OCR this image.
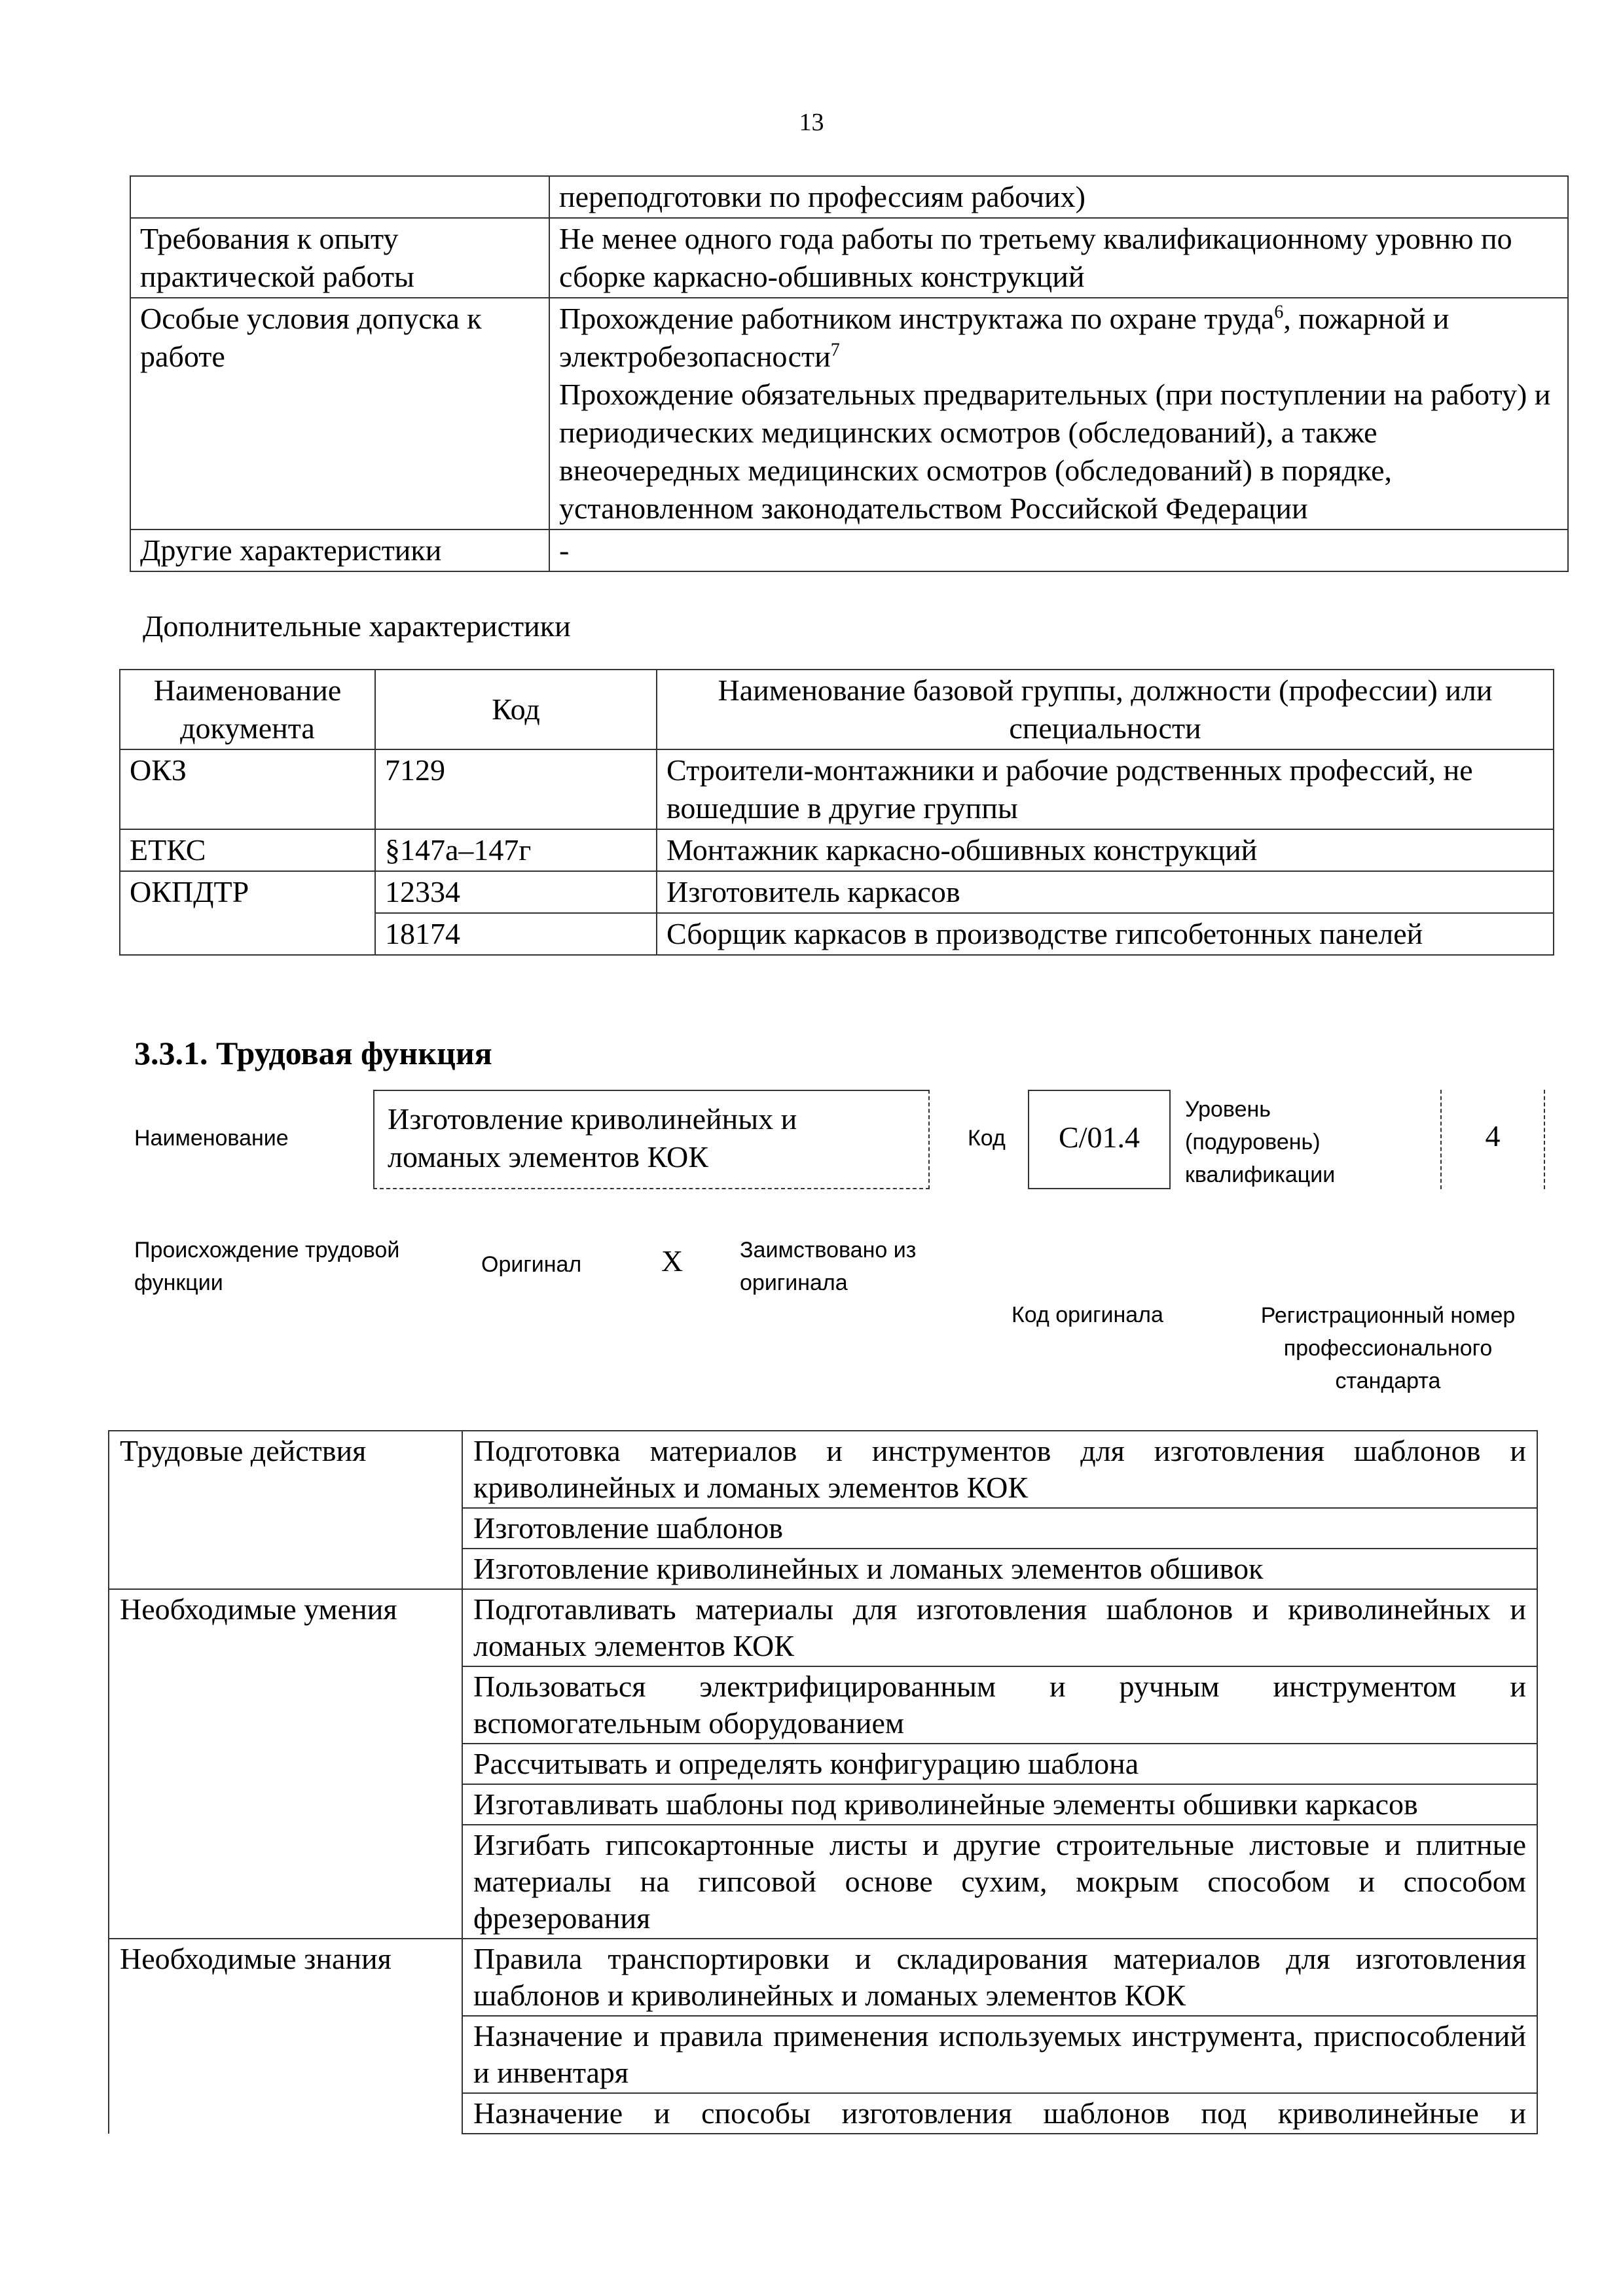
13
	переподготовки по профессиям рабочих)
Требования к опыту практической работы	Не менее одного года работы по третьему квалификационному уровню по сборке каркасно-обшивных конструкций
Особые условия допуска к работе	Прохождение работником инструктажа по охране труда$^6$, пожарной и электробезопасности$^7$
Прохождение обязательных предварительных (при поступлении на работу) и периодических медицинских осмотров (обследований), а также внеочередных медицинских осмотров (обследований) в порядке, установленном законодательством Российской Федерации

Другие характеристики	-
Дополнительные характеристики
Наименование документа	Код	Наименование базовой группы, должности (профессии) или специальности
ОКЗ	7129	Строители-монтажники и рабочие родственных профессий, не вошедшие в другие группы
ЕТКС	§147а–147г	Монтажник каркасно-обшивных конструкций
ОКПДТР	12334	Изготовитель каркасов
	18174	Сборщик каркасов в производстве гипсобетонных панелей
3.3.1. Трудовая функция
Наименование
Изготовление криволинейных и ломаных элементов КОК
Код	С/01.4
Уровень
(подуровень)
квалификации
4
Происхождение трудовой
функции
Оригинал	X	Заимствовано из
оригинала
Код оригинала	Регистрационный номер
профессионального
стандарта
Трудовые действия	Подготовка материалов и инструментов для изготовления шаблонов и криволинейных и ломаных элементов КОК
	Изготовление шаблонов
	Изготовление криволинейных и ломаных элементов обшивок
Необходимые умения	Подготавливать материалы для изготовления шаблонов и криволинейных и ломаных элементов КОК
	Пользоваться электрифицированным и ручным инструментом и вспомогательным оборудованием
	Рассчитывать и определять конфигурацию шаблона
	Изготавливать шаблоны под криволинейные элементы обшивки каркасов
	Изгибать гипсокартонные листы и другие строительные листовые и плитные материалы на гипсовой основе сухим, мокрым способом и способом фрезерования
Необходимые знания	Правила транспортировки и складирования материалов для изготовления шаблонов и криволинейных и ломаных элементов КОК
	Назначение и правила применения используемых инструмента, приспособлений и инвентаря
	Назначение и способы изготовления шаблонов под криволинейные и
